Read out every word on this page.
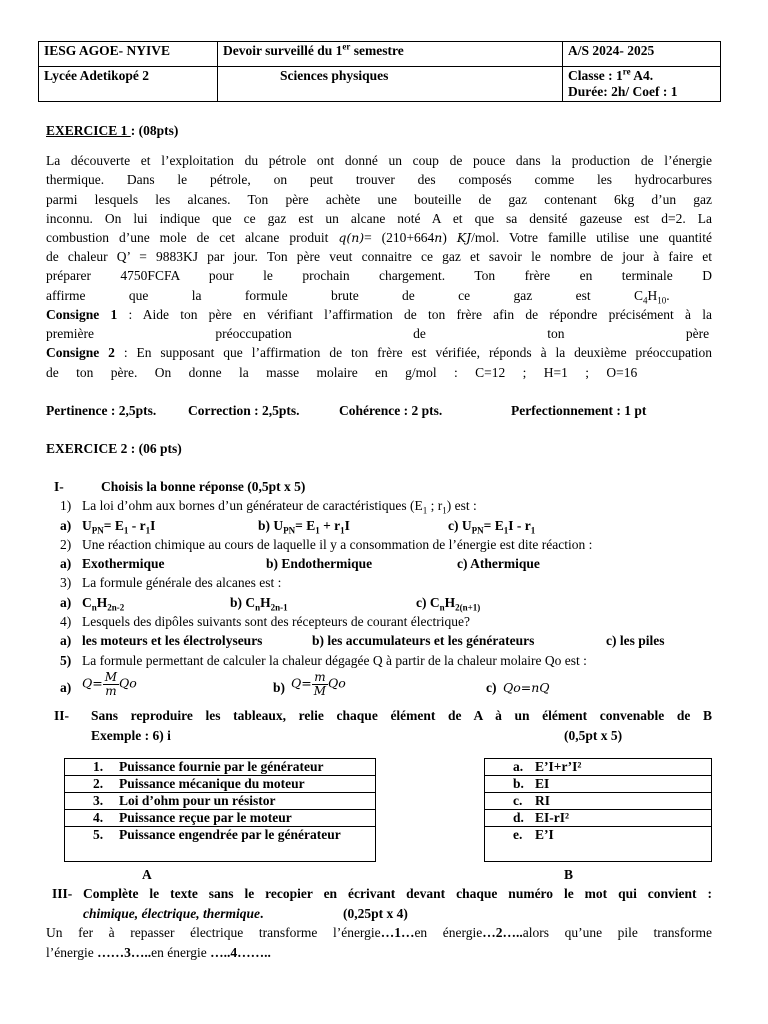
IESG AGOE- NYIVE	Devoir surveillé du 1er semestre	A/S 2024- 2025
Lycée Adetikopé 2	Sciences physiques	Classe : 1re A4.
Durée: 2h/ Coef : 1
EXERCICE 1 : (08pts)
La découverte et l’exploitation du pétrole ont donné un coup de pouce dans la production de l’énergie
thermique. Dans le pétrole, on peut trouver des composés comme les hydrocarbures
parmi lesquels les alcanes. Ton père achète une bouteille de gaz contenant 6kg d’un gaz
inconnu. On lui indique que ce gaz est un alcane noté A et que sa densité gazeuse est d=2. La
combustion d’une mole de cet alcane produit q(n)= (210+664n) KJ/mol. Votre famille utilise une quantité
de chaleur Q’ = 9883KJ par jour. Ton père veut connaitre ce gaz et savoir le nombre de jour à faire et
préparer 4750FCFA pour le prochain chargement. Ton frère en terminale D
affirme que la formule brute de ce gaz est $C_4H_{10}$.
Consigne 1 : Aide ton père en vérifiant l’affirmation de ton frère afin de répondre précisément à la
première préoccupation de ton père
Consigne 2 : En supposant que l’affirmation de ton frère est vérifiée, réponds à la deuxième préoccupation
de ton père. On donne la masse molaire en g/mol : C=12 ; H=1 ; O=16
Pertinence : 2,5pts. Correction : 2,5pts.	Cohérence : 2 pts.	Perfectionnement : 1 pt
EXERCICE 2 : (06 pts)
I-	Choisis la bonne réponse (0,5pt x 5)
1) La loi d’ohm aux bornes d’un générateur de caractéristiques ($E_1$ ; $r_1$) est :
a) $U_{PN}= E_1 - r_1I$	b) $U_{PN}= E_1 + r_1I$	c) $U_{PN}= E_1I - r_1$
2) Une réaction chimique au cours de laquelle il y a consommation de l’énergie est dite réaction :
a) Exothermique	b) Endothermique	c) Athermique
3) La formule générale des alcanes est :
a) $C_nH_{2n-2}$	b) $C_nH_{2n-1}$	c) $C_nH_{2(n+1)}$
4) Lesquels des dipôles suivants sont des récepteurs de courant électrique?
a) les moteurs et les électrolyseurs	b) les accumulateurs et les générateurs	c) les piles
5) La formule permettant de calculer la chaleur dégagée Q à partir de la chaleur molaire Qo est :
a) $Q= \frac{M}{m}$ Qo	b) $Q= \frac{m}{M}$ Qo	c) Qo=nQ
II- Sans reproduire les tableaux, relie chaque élément de A à un élément convenable de B
Exemple : 6) i	(0,5pt x 5)
1. Puissance fournie par le générateur
2. Puissance mécanique du moteur
3. Loi d’ohm pour un résistor
4. Puissance reçue par le moteur
5. Puissance engendrée par le générateur
A
a. E’I+r’I²
b. EI
c. RI
d. EI-rI²
e. E’I
B
III- Complète le texte sans le recopier en écrivant devant chaque numéro le mot qui convient :
chimique, électrique, thermique.	(0,25pt x 4)
Un fer à repasser électrique transforme l’énergie…1…en énergie…2…..alors qu’une pile transforme
l’énergie ……3…..en énergie …..4……..
